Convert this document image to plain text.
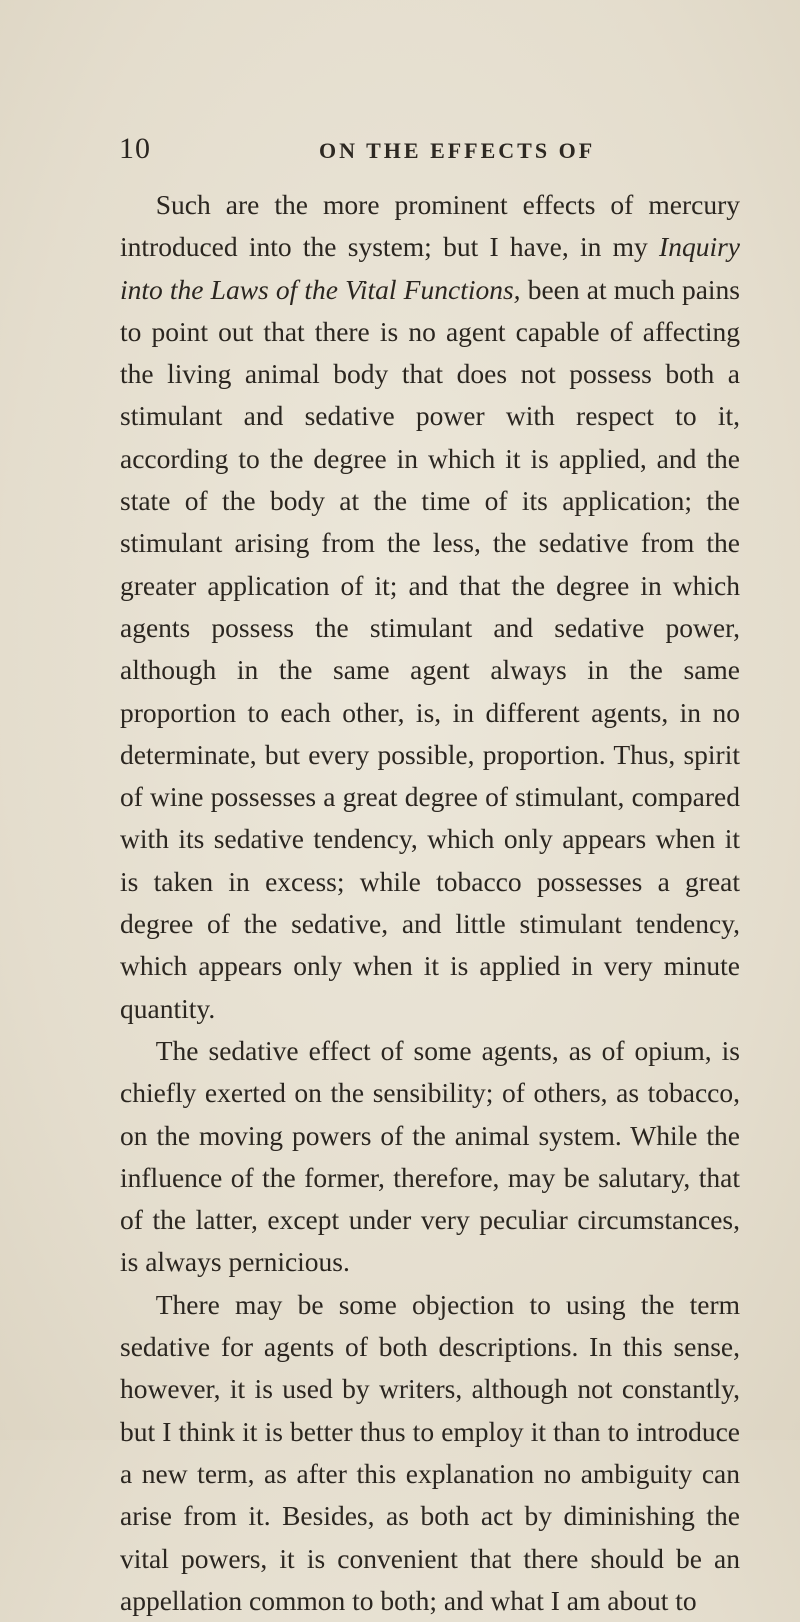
10	ON THE EFFECTS OF

Such are the more prominent effects of mercury introduced into the system; but I have, in my Inquiry into the Laws of the Vital Functions, been at much pains to point out that there is no agent capable of affecting the living animal body that does not possess both a stimulant and sedative power with respect to it, according to the degree in which it is applied, and the state of the body at the time of its application; the stimulant arising from the less, the sedative from the greater application of it; and that the degree in which agents possess the stimulant and sedative power, although in the same agent always in the same proportion to each other, is, in different agents, in no determinate, but every possible, proportion. Thus, spirit of wine possesses a great degree of stimulant, compared with its sedative tendency, which only appears when it is taken in excess; while tobacco possesses a great degree of the sedative, and little stimulant tendency, which appears only when it is applied in very minute quantity.

The sedative effect of some agents, as of opium, is chiefly exerted on the sensibility; of others, as tobacco, on the moving powers of the animal system. While the influence of the former, therefore, may be salutary, that of the latter, except under very peculiar circumstances, is always pernicious.

There may be some objection to using the term sedative for agents of both descriptions. In this sense, however, it is used by writers, although not constantly, but I think it is better thus to employ it than to introduce a new term, as after this explanation no ambiguity can arise from it. Besides, as both act by diminishing the vital powers, it is convenient that there should be an appellation common to both; and what I am about to
